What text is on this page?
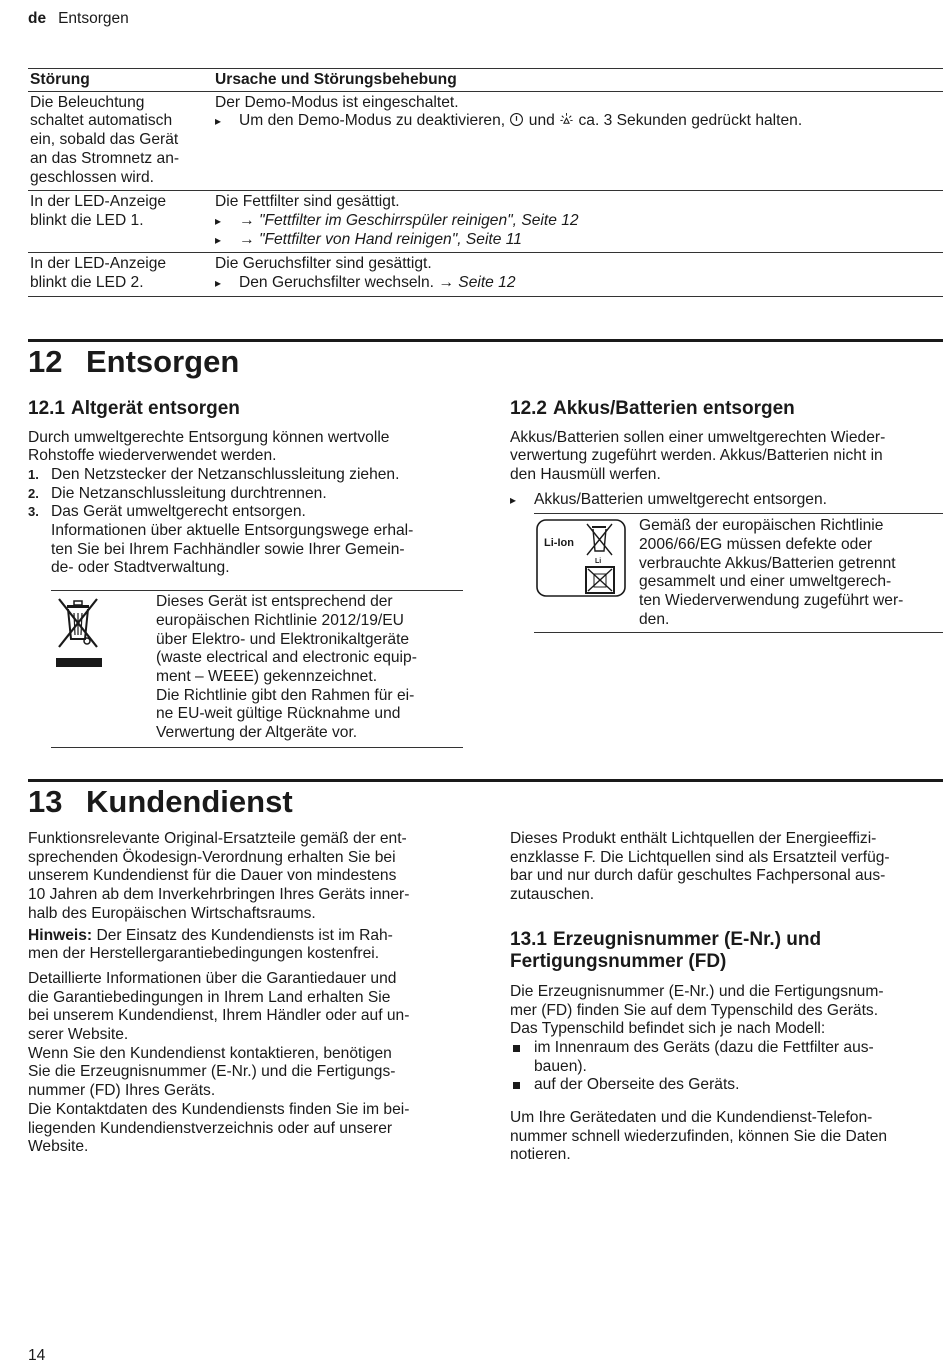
de Entsorgen
Störung	Ursache und Störungsbehebung
Die Beleuchtung
schaltet automatisch
ein, sobald das Gerät
an das Stromnetz an-
geschlossen wird.
Der Demo-Modus ist eingeschaltet.
▸ Um den Demo-Modus zu deaktivieren, und ca. 3 Sekunden gedrückt halten.
In der LED-Anzeige
blinkt die LED 1.
Die Fettfilter sind gesättigt.
▸ → "Fettfilter im Geschirrspüler reinigen", Seite 12
▸ → "Fettfilter von Hand reinigen", Seite 11
In der LED-Anzeige
blinkt die LED 2.
Die Geruchsfilter sind gesättigt.
▸ Den Geruchsfilter wechseln. → Seite 12
12 Entsorgen
12.1 Altgerät entsorgen
Durch umweltgerechte Entsorgung können wertvolle
Rohstoffe wiederverwendet werden.
1. Den Netzstecker der Netzanschlussleitung ziehen.
2. Die Netzanschlussleitung durchtrennen.
3. Das Gerät umweltgerecht entsorgen.
Informationen über aktuelle Entsorgungswege erhal-
ten Sie bei Ihrem Fachhändler sowie Ihrer Gemein-
de- oder Stadtverwaltung.
Dieses Gerät ist entsprechend der
europäischen Richtlinie 2012/19/EU
über Elektro- und Elektronikaltgeräte
(waste electrical and electronic equip-
ment – WEEE) gekennzeichnet.
Die Richtlinie gibt den Rahmen für ei-
ne EU-weit gültige Rücknahme und
Verwertung der Altgeräte vor.
12.2 Akkus/Batterien entsorgen
Akkus/Batterien sollen einer umweltgerechten Wieder-
verwertung zugeführt werden. Akkus/Batterien nicht in
den Hausmüll werfen.
▸ Akkus/Batterien umweltgerecht entsorgen.
Li-Ion
Li
Gemäß der europäischen Richtlinie
2006/66/EG müssen defekte oder
verbrauchte Akkus/Batterien getrennt
gesammelt und einer umweltgerech-
ten Wiederverwendung zugeführt wer-
den.
13 Kundendienst
Funktionsrelevante Original-Ersatzteile gemäß der ent-
sprechenden Ökodesign-Verordnung erhalten Sie bei
unserem Kundendienst für die Dauer von mindestens
10 Jahren ab dem Inverkehrbringen Ihres Geräts inner-
halb des Europäischen Wirtschaftsraums.
Hinweis: Der Einsatz des Kundendiensts ist im Rah-
men der Herstellergarantiebedingungen kostenfrei.
Detaillierte Informationen über die Garantiedauer und
die Garantiebedingungen in Ihrem Land erhalten Sie
bei unserem Kundendienst, Ihrem Händler oder auf un-
serer Website.
Wenn Sie den Kundendienst kontaktieren, benötigen
Sie die Erzeugnisnummer (E-Nr.) und die Fertigungs-
nummer (FD) Ihres Geräts.
Die Kontaktdaten des Kundendiensts finden Sie im bei-
liegenden Kundendienstverzeichnis oder auf unserer
Website.
Dieses Produkt enthält Lichtquellen der Energieeffizi-
enzklasse F. Die Lichtquellen sind als Ersatzteil verfüg-
bar und nur durch dafür geschultes Fachpersonal aus-
zutauschen.
13.1 Erzeugnisnummer (E-Nr.) und
Fertigungsnummer (FD)
Die Erzeugnisnummer (E-Nr.) und die Fertigungsnum-
mer (FD) finden Sie auf dem Typenschild des Geräts.
Das Typenschild befindet sich je nach Modell:
im Innenraum des Geräts (dazu die Fettfilter aus-
bauen).
auf der Oberseite des Geräts.
Um Ihre Gerätedaten und die Kundendienst-Telefon-
nummer schnell wiederzufinden, können Sie die Daten
notieren.
14
